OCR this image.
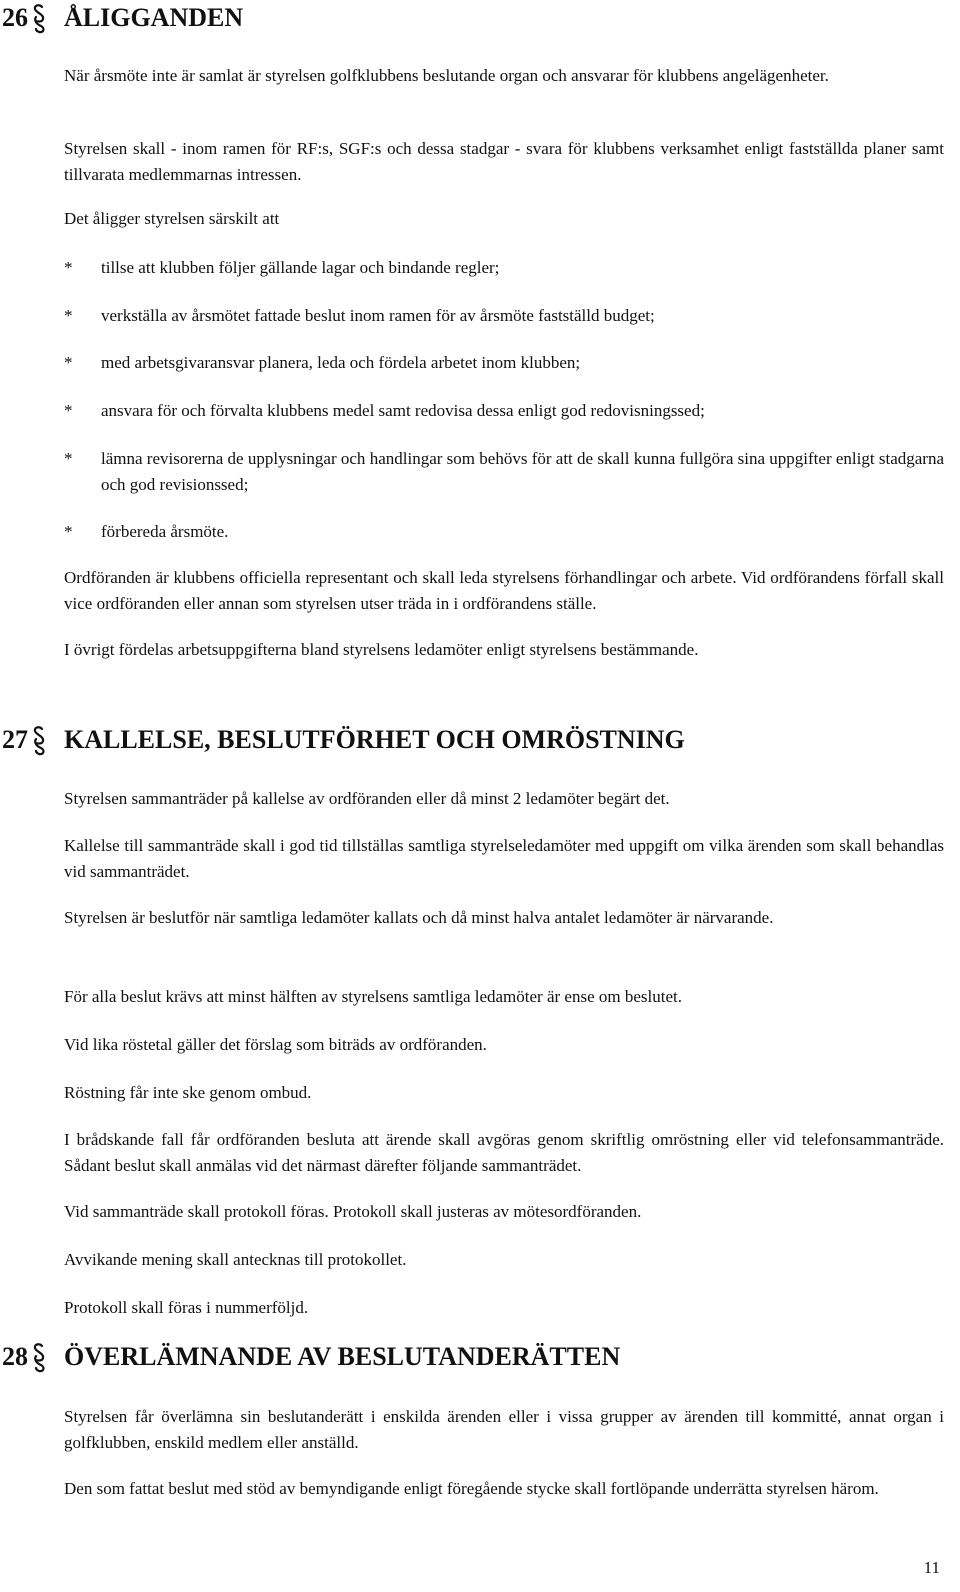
26 ÅLIGGANDEN
När årsmöte inte är samlat är styrelsen golfklubbens beslutande organ och ansvarar för klubbens angelägenheter.
Styrelsen skall - inom ramen för RF:s, SGF:s och dessa stadgar - svara för klubbens verksamhet enligt fastställda planer samt tillvarata medlemmarnas intressen.
Det åligger styrelsen särskilt att
* tillse att klubben följer gällande lagar och bindande regler;
* verkställa av årsmötet fattade beslut inom ramen för av årsmöte fastställd budget;
* med arbetsgivaransvar planera, leda och fördela arbetet inom klubben;
* ansvara för och förvalta klubbens medel samt redovisa dessa enligt god redovisningssed;
* lämna revisorerna de upplysningar och handlingar som behövs för att de skall kunna fullgöra sina uppgifter enligt stadgarna och god revisionssed;
* förbereda årsmöte.
Ordföranden är klubbens officiella representant och skall leda styrelsens förhandlingar och arbete. Vid ordförandens förfall skall vice ordföranden eller annan som styrelsen utser träda in i ordförandens ställe.
I övrigt fördelas arbetsuppgifterna bland styrelsens ledamöter enligt styrelsens bestämmande.
27 KALLELSE, BESLUTFÖRHET OCH OMRÖSTNING
Styrelsen sammanträder på kallelse av ordföranden eller då minst 2 ledamöter begärt det.
Kallelse till sammanträde skall i god tid tillställas samtliga styrelseledamöter med uppgift om vilka ärenden som skall behandlas vid sammanträdet.
Styrelsen är beslutför när samtliga ledamöter kallats och då minst halva antalet ledamöter är närvarande.
För alla beslut krävs att minst hälften av styrelsens samtliga ledamöter är ense om beslutet.
Vid lika röstetal gäller det förslag som biträds av ordföranden.
Röstning får inte ske genom ombud.
I brådskande fall får ordföranden besluta att ärende skall avgöras genom skriftlig omröstning eller vid telefonsammanträde. Sådant beslut skall anmälas vid det närmast därefter följande sammanträdet.
Vid sammanträde skall protokoll föras. Protokoll skall justeras av mötesordföranden.
Avvikande mening skall antecknas till protokollet.
Protokoll skall föras i nummerföljd.
28 ÖVERLÄMNANDE AV BESLUTANDERÄTTEN
Styrelsen får överlämna sin beslutanderätt i enskilda ärenden eller i vissa grupper av ärenden till kommitté, annat organ i golfklubben, enskild medlem eller anställd.
Den som fattat beslut med stöd av bemyndigande enligt föregående stycke skall fortlöpande underrätta styrelsen härom.
11
